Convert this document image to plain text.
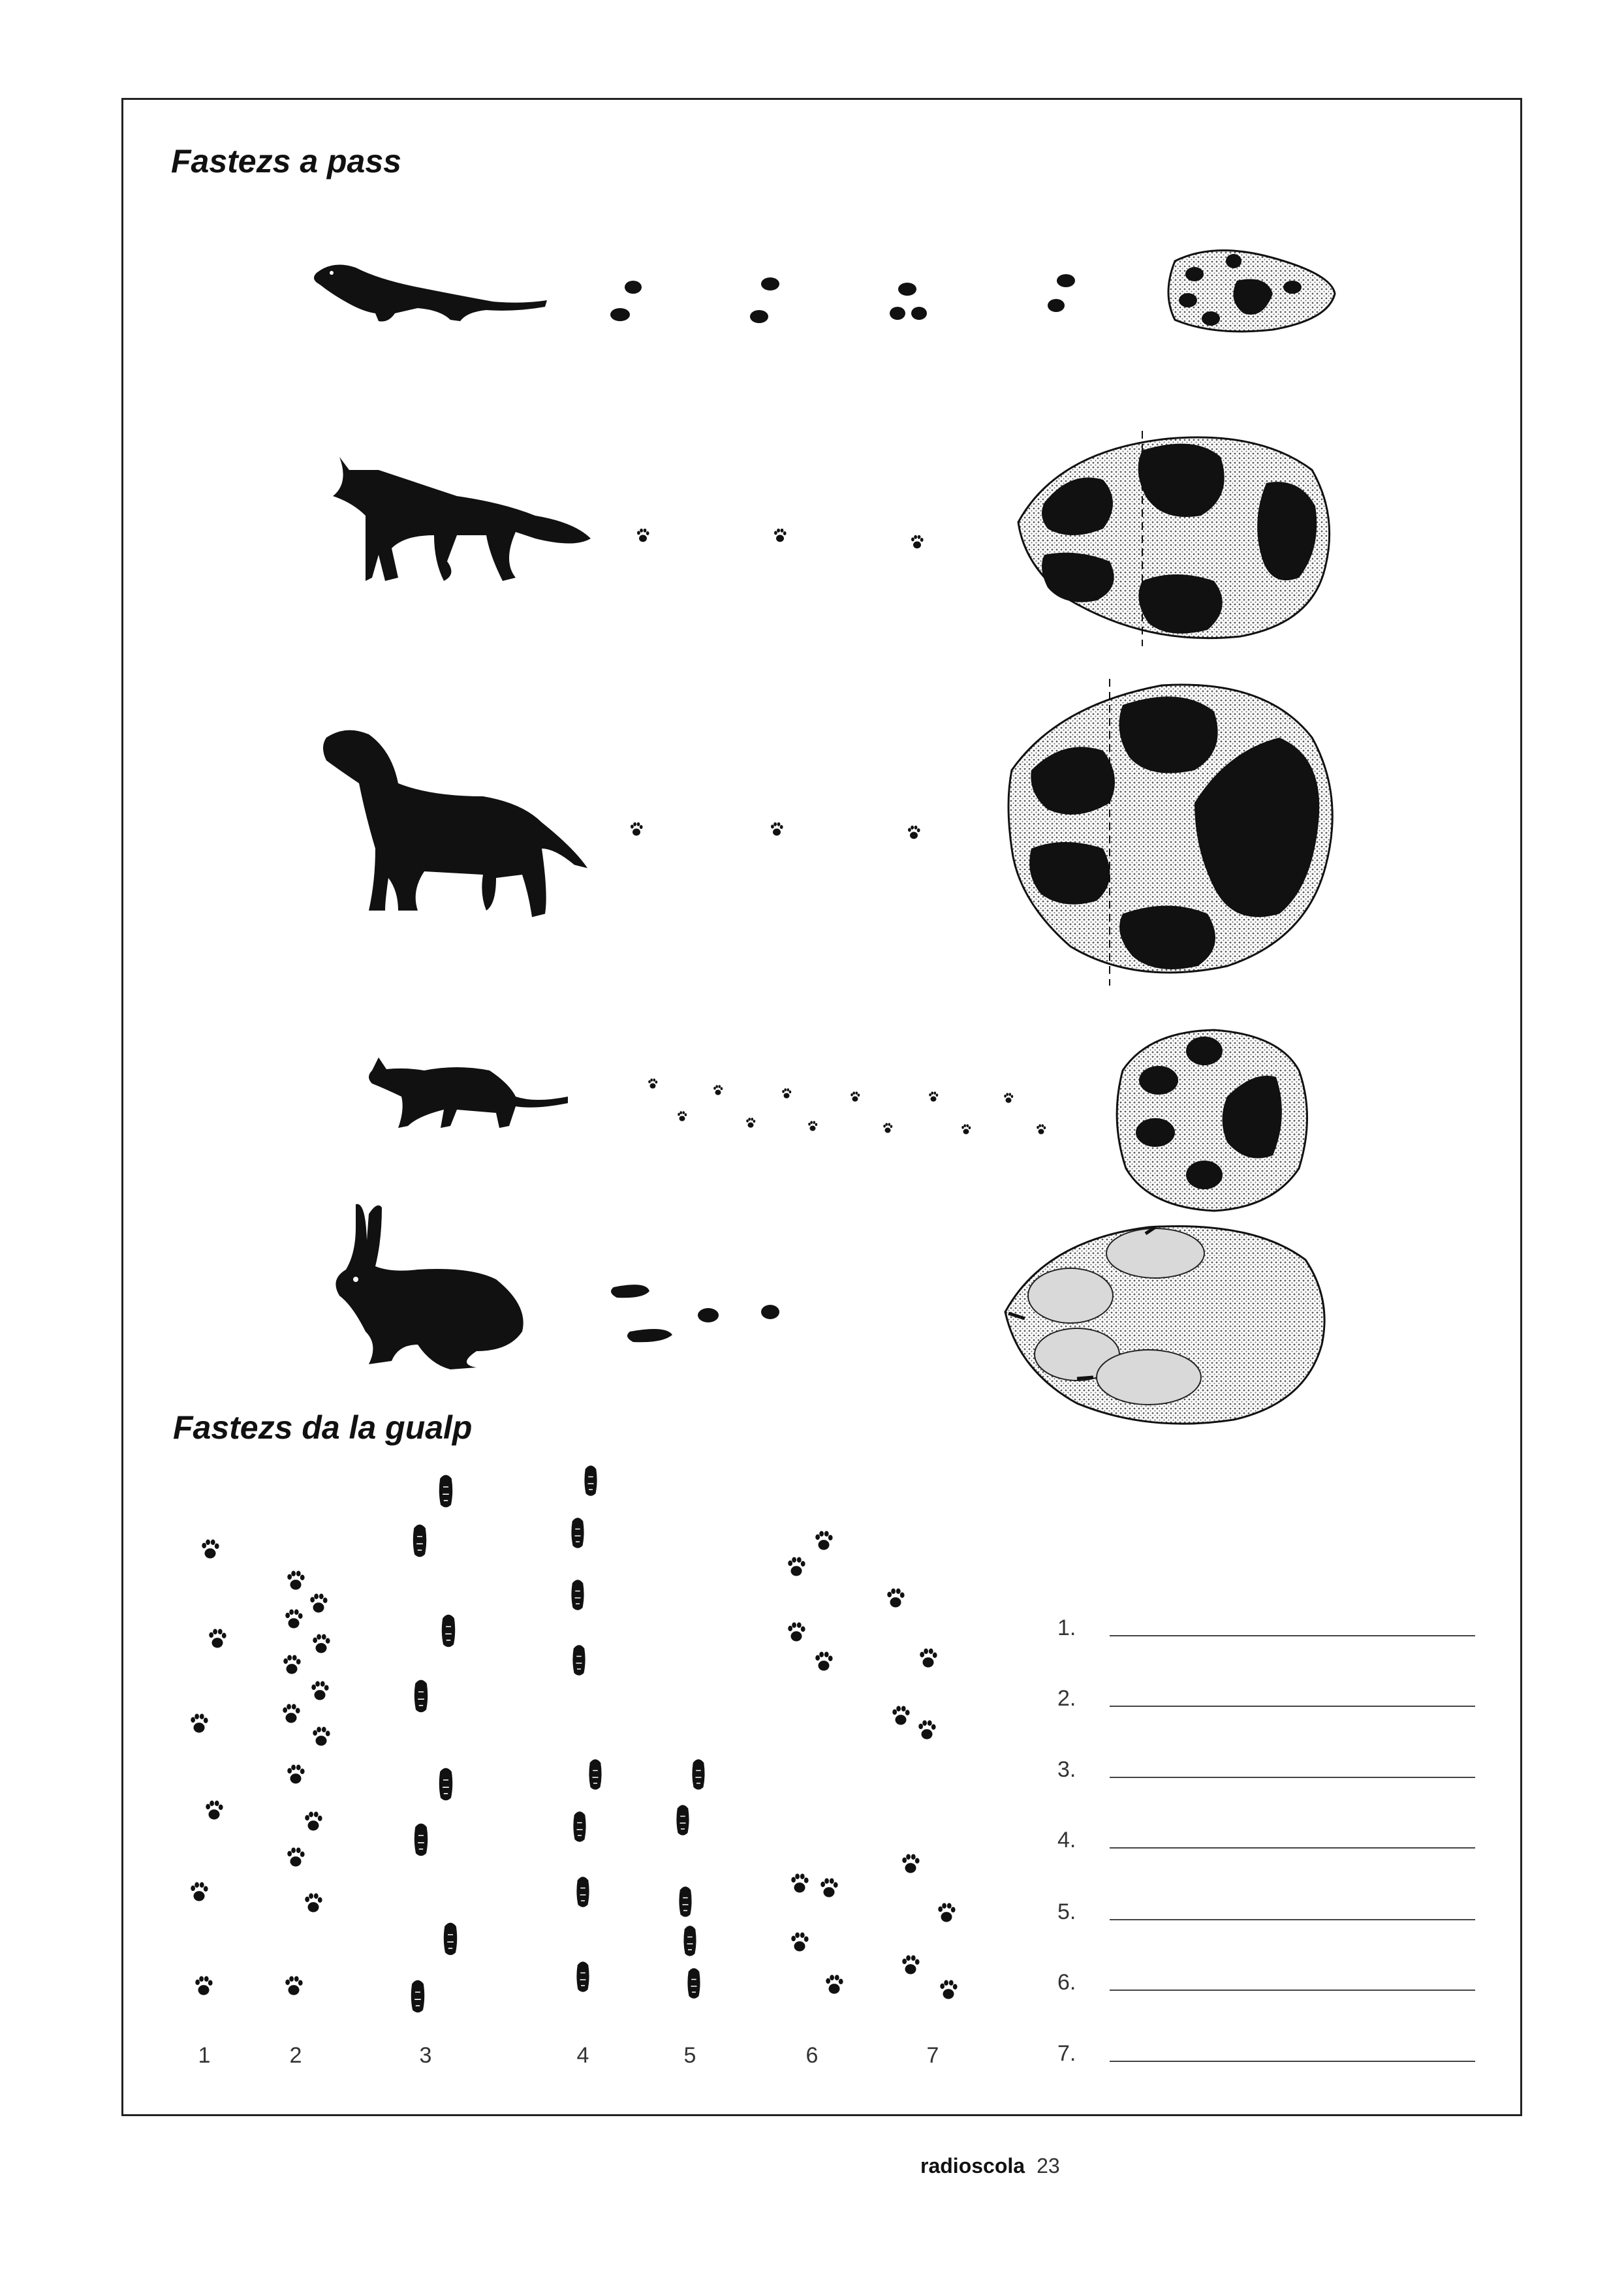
Fastezs a pass
Fastezs da la gualp
1	2	3	4	5	6	7
1.
2.
3.
4.
5.
6.
7.
radioscola 23
